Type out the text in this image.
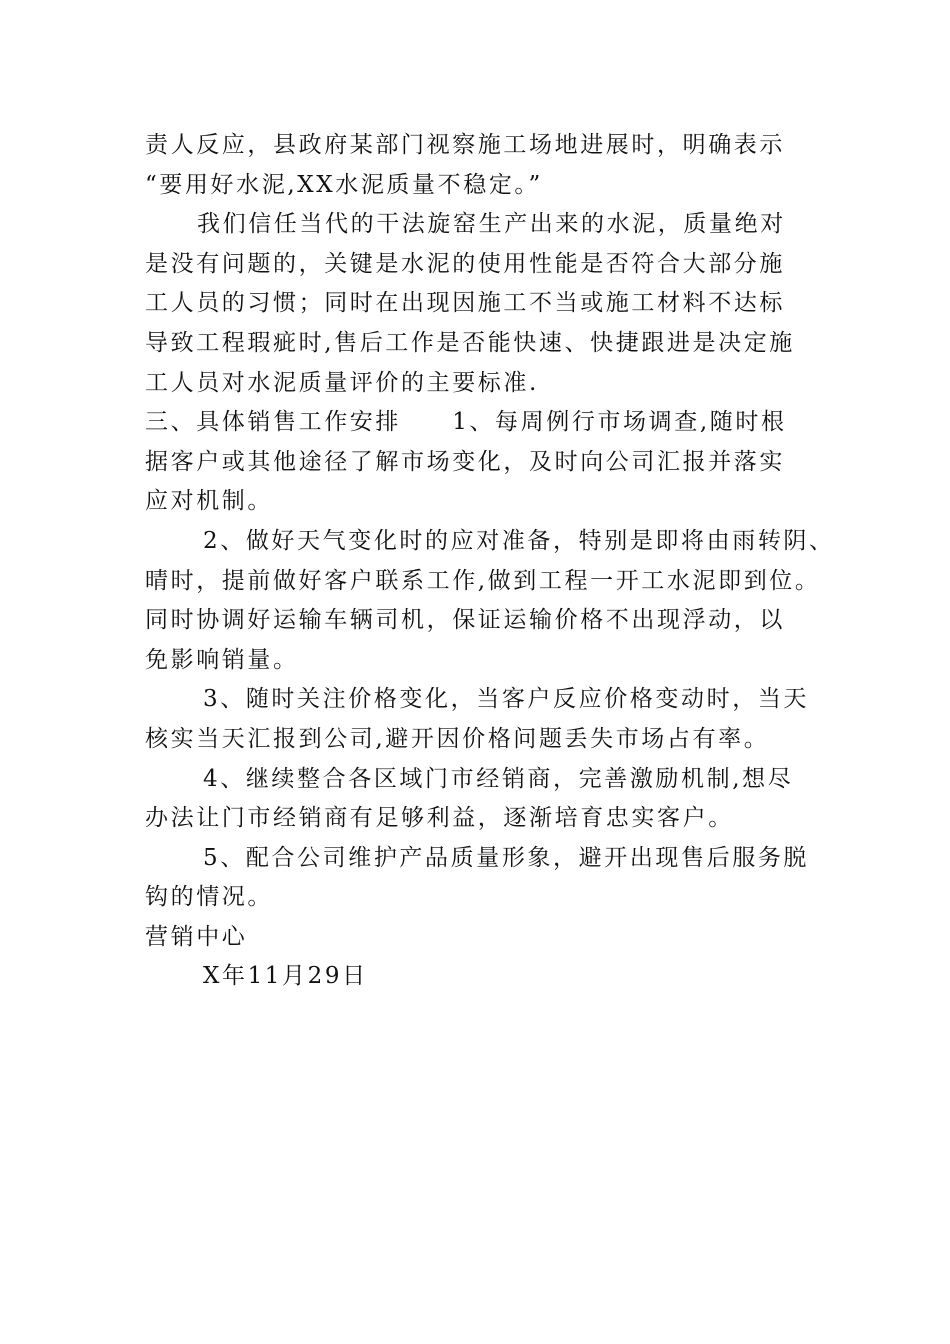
责人反应，县政府某部门视察施工场地进展时，明确表示
“要用好水泥,XX水泥质量不稳定。”
我们信任当代的干法旋窑生产出来的水泥，质量绝对
是没有问题的，关键是水泥的使用性能是否符合大部分施
工人员的习惯；同时在出现因施工不当或施工材料不达标
导致工程瑕疵时,售后工作是否能快速、快捷跟进是决定施
工人员对水泥质量评价的主要标准.
三、具体销售工作安排　　1、每周例行市场调查,随时根
据客户或其他途径了解市场变化，及时向公司汇报并落实
应对机制。
2、做好天气变化时的应对准备，特别是即将由雨转阴、
晴时，提前做好客户联系工作,做到工程一开工水泥即到位。
同时协调好运输车辆司机，保证运输价格不出现浮动，以
免影响销量。
3、随时关注价格变化，当客户反应价格变动时，当天
核实当天汇报到公司,避开因价格问题丢失市场占有率。
4、继续整合各区域门市经销商，完善激励机制,想尽
办法让门市经销商有足够利益，逐渐培育忠实客户。
5、配合公司维护产品质量形象，避开出现售后服务脱
钩的情况。
营销中心
X年11月29日
